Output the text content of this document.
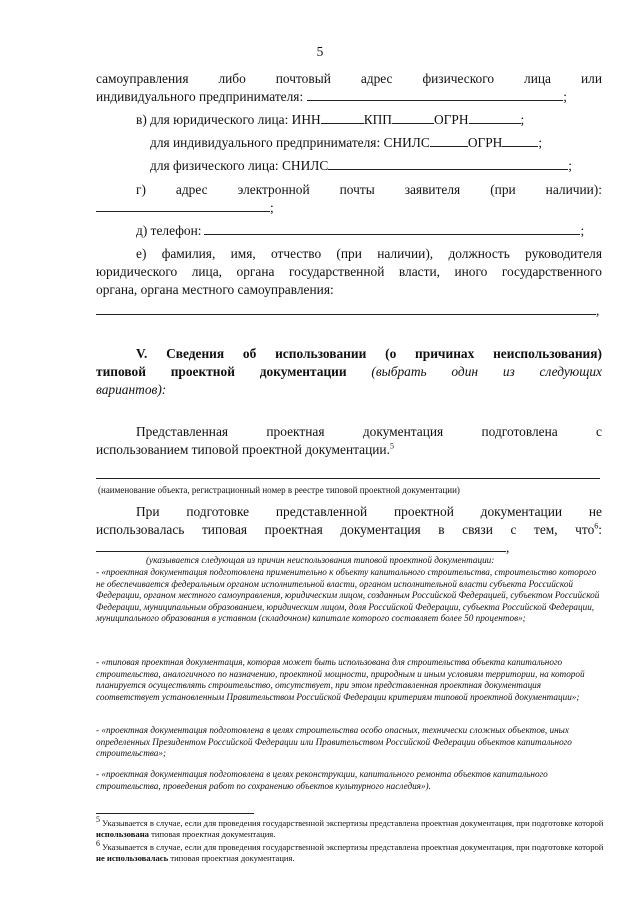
5
самоуправления либо почтовый адрес физического лица или
индивидуального предпринимателя:	;
в) для юридического лица: ИНН	КПП	ОГРН	;
для индивидуального предпринимателя: СНИЛС	ОГРН	;
для физического лица: СНИЛС	;
г) адрес электронной почты заявителя (при наличии):
;
д) телефон:	;
е) фамилия, имя, отчество (при наличии), должность руководителя
юридического лица, органа государственной власти, иного государственного
органа, органа местного самоуправления:
,
V. Сведения об использовании (о причинах неиспользования)
типовой проектной документации (выбрать один из следующих
вариантов):
Представленная	проектная	документация	подготовлена	с
использованием типовой проектной документации.$^5$
(наименование объекта, регистрационный номер в реестре типовой проектной документации)
При подготовке представленной проектной документации не
использовалась типовая проектная документация в связи с тем, что$^6$:
,
(указывается следующая из причин неиспользования типовой проектной документации:
- «проектная документация подготовлена применительно к объекту капитального строительства, строительство которого не обеспечивается федеральным органом исполнительной власти, органом исполнительной власти субъекта Российской Федерации, органом местного самоуправления, юридическим лицом, созданным Российской Федерацией, субъектом Российской Федерации, муниципальным образованием, юридическим лицом, доля Российской Федерации, субъекта Российской Федерации, муниципального образования в уставном (складочном) капитале которого составляет более 50 процентов»;
- «типовая проектная документация, которая может быть использована для строительства объекта капитального строительства, аналогичного по назначению, проектной мощности, природным и иным условиям территории, на которой планируется осуществлять строительство, отсутствует, при этом представленная проектная документация соответствует установленным Правительством Российской Федерации критериям типовой проектной документации»;
- «проектная документация подготовлена в целях строительства особо опасных, технически сложных объектов, иных определенных Президентом Российской Федерации или Правительством Российской Федерации объектов капитального строительства»;
- «проектная документация подготовлена в целях реконструкции, капитального ремонта объектов капитального строительства, проведения работ по сохранению объектов культурного наследия»).
$^5$ Указывается в случае, если для проведения государственной экспертизы представлена проектная документация, при подготовке которой использована типовая проектная документация.
$^6$ Указывается в случае, если для проведения государственной экспертизы представлена проектная документация, при подготовке которой не использовалась типовая проектная документация.
